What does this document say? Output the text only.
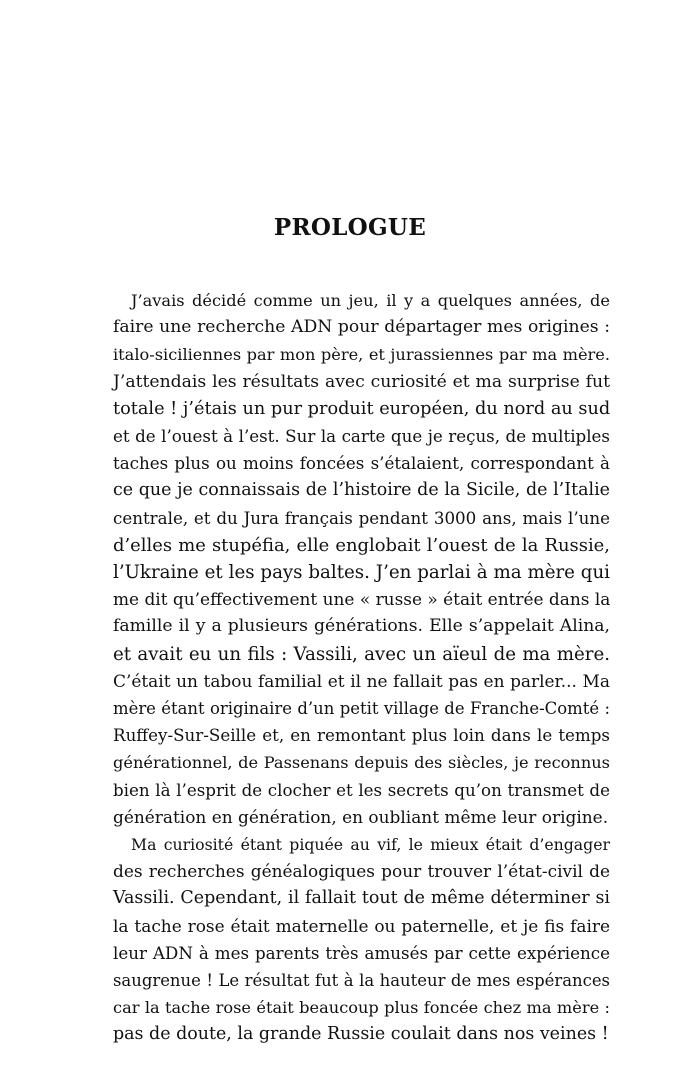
PROLOGUE

J’avais décidé comme un jeu, il y a quelques années, de
faire une recherche ADN pour départager mes origines :
italo-siciliennes par mon père, et jurassiennes par ma mère.
J’attendais les résultats avec curiosité et ma surprise fut
totale ! j’étais un pur produit européen, du nord au sud
et de l’ouest à l’est. Sur la carte que je reçus, de multiples
taches plus ou moins foncées s’étalaient, correspondant à
ce que je connaissais de l’histoire de la Sicile, de l’Italie
centrale, et du Jura français pendant 3000 ans, mais l’une
d’elles me stupéfia, elle englobait l’ouest de la Russie,
l’Ukraine et les pays baltes. J’en parlai à ma mère qui
me dit qu’effectivement une « russe » était entrée dans la
famille il y a plusieurs générations. Elle s’appelait Alina,
et avait eu un fils : Vassili, avec un aïeul de ma mère.
C’était un tabou familial et il ne fallait pas en parler... Ma
mère étant originaire d’un petit village de Franche-Comté :
Ruffey-Sur-Seille et, en remontant plus loin dans le temps
générationnel, de Passenans depuis des siècles, je reconnus
bien là l’esprit de clocher et les secrets qu’on transmet de
génération en génération, en oubliant même leur origine.

Ma curiosité étant piquée au vif, le mieux était d’engager
des recherches généalogiques pour trouver l’état-civil de
Vassili. Cependant, il fallait tout de même déterminer si
la tache rose était maternelle ou paternelle, et je fis faire
leur ADN à mes parents très amusés par cette expérience
saugrenue ! Le résultat fut à la hauteur de mes espérances
car la tache rose était beaucoup plus foncée chez ma mère :
pas de doute, la grande Russie coulait dans nos veines !
